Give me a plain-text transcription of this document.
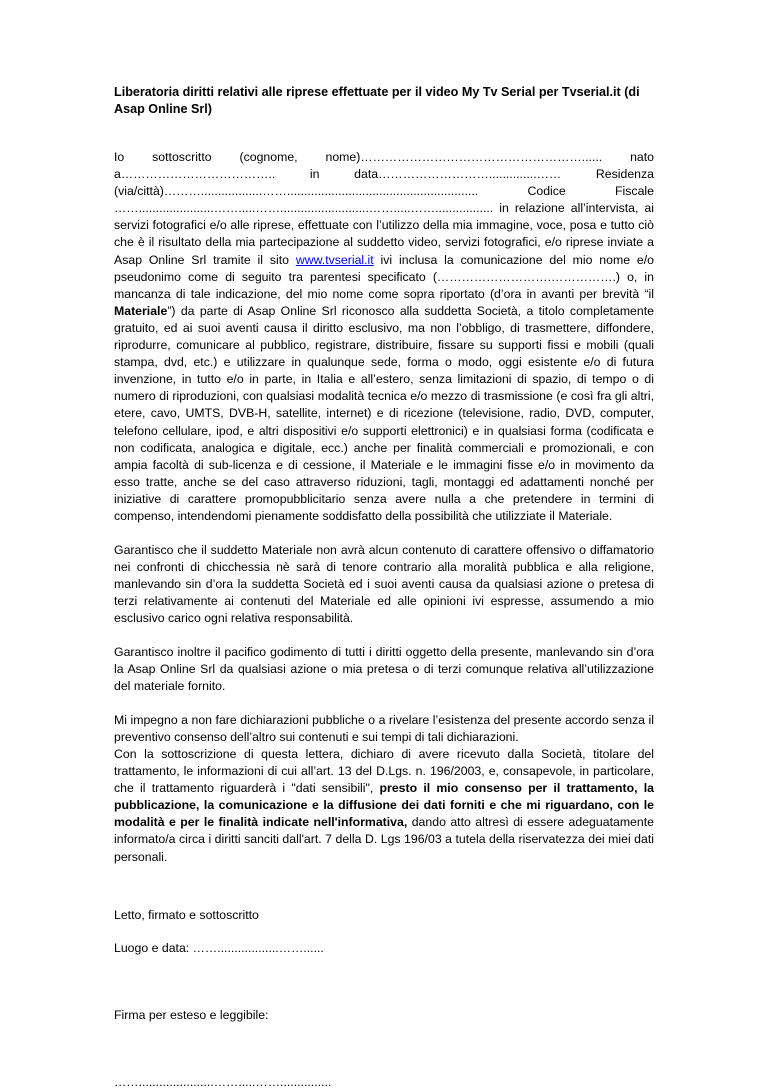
Liberatoria diritti relativi alle riprese effettuate per il video My Tv Serial per Tvserial.it (di Asap Online Srl)

Io sottoscritto (cognome, nome)………………………………………………...... nato a……………………………….. in data………………………..............…… Residenza (via/città)………..................……........................................................ Codice Fiscale ……......................…….....……..........................…….....……................. in relazione all’intervista, ai servizi fotografici e/o alle riprese, effettuate con l’utilizzo della mia immagine, voce, posa e tutto ciò che è il risultato della mia partecipazione al suddetto video, servizi fotografici, e/o riprese inviate a Asap Online Srl tramite il sito www.tvserial.it ivi inclusa la comunicazione del mio nome e/o pseudonimo come di seguito tra parentesi specificato (……………………….…………….) o, in mancanza di tale indicazione, del mio nome come sopra riportato (d’ora in avanti per brevità “il Materiale”) da parte di Asap Online Srl riconosco alla suddetta Società, a titolo completamente gratuito, ed ai suoi aventi causa il diritto esclusivo, ma non l’obbligo, di trasmettere, diffondere, riprodurre, comunicare al pubblico, registrare, distribuire, fissare su supporti fissi e mobili (quali stampa, dvd, etc.) e utilizzare in qualunque sede, forma o modo, oggi esistente e/o di futura invenzione, in tutto e/o in parte, in Italia e all’estero, senza limitazioni di spazio, di tempo o di numero di riproduzioni, con qualsiasi modalità tecnica e/o mezzo di trasmissione (e così fra gli altri, etere, cavo, UMTS, DVB-H, satellite, internet) e di ricezione (televisione, radio, DVD, computer, telefono cellulare, ipod, e altri dispositivi e/o supporti elettronici) e in qualsiasi forma (codificata e non codificata, analogica e digitale, ecc.) anche per finalità commerciali e promozionali, e con ampia facoltà di sub-licenza e di cessione, il Materiale e le immagini fisse e/o in movimento da esso tratte, anche se del caso attraverso riduzioni, tagli, montaggi ed adattamenti nonché per iniziative di carattere promopubblicitario senza avere nulla a che pretendere in termini di compenso, intendendomi pienamente soddisfatto della possibilità che utilizziate il Materiale.

Garantisco che il suddetto Materiale non avrà alcun contenuto di carattere offensivo o diffamatorio nei confronti di chicchessia nè sarà di tenore contrario alla moralità pubblica e alla religione, manlevando sin d’ora la suddetta Società ed i suoi aventi causa da qualsiasi azione o pretesa di terzi relativamente ai contenuti del Materiale ed alle opinioni ivi espresse, assumendo a mio esclusivo carico ogni relativa responsabilità.

Garantisco inoltre il pacifico godimento di tutti i diritti oggetto della presente, manlevando sin d’ora la Asap Online Srl da qualsiasi azione o mia pretesa o di terzi comunque relativa all’utilizzazione del materiale fornito.

Mi impegno a non fare dichiarazioni pubbliche o a rivelare l’esistenza del presente accordo senza il preventivo consenso dell’altro sui contenuti e sui tempi di tali dichiarazioni.
Con la sottoscrizione di questa lettera, dichiaro di avere ricevuto dalla Società, titolare del trattamento, le informazioni di cui all’art. 13 del D.Lgs. n. 196/2003, e, consapevole, in particolare, che il trattamento riguarderà i "dati sensibili", presto il mio consenso per il trattamento, la pubblicazione, la comunicazione e la diffusione dei dati forniti e che mi riguardano, con le modalità e per le finalità indicate nell'informativa, dando atto altresì di essere adeguatamente informato/a circa i diritti sanciti dall'art. 7 della D. Lgs 196/03 a tutela della riservatezza dei miei dati personali.

Letto, firmato e sottoscritto

Luogo e data: ……..................……......

Firma per esteso e leggibile:

……......................…….....……...............
